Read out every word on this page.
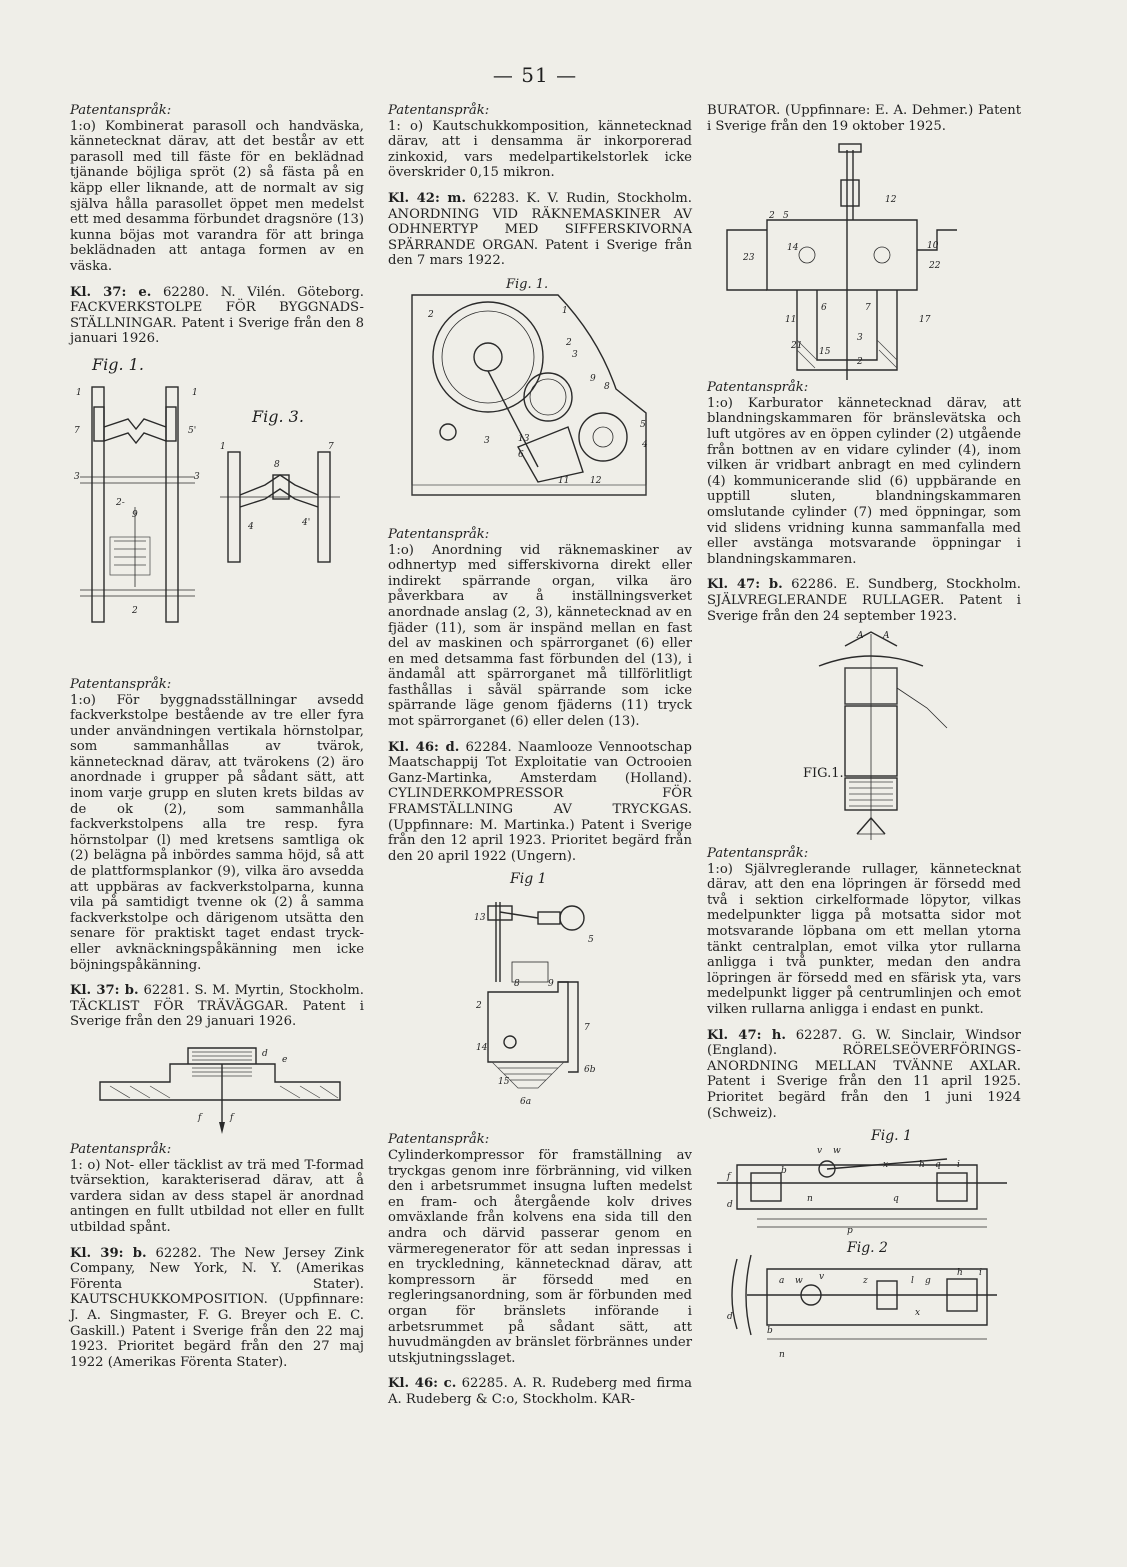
— 51 —

Patentanspråk:

1:o) Kombinerat parasoll och handväska, kännetecknat därav, att det består av ett parasoll med till fäste för en beklädnad tjänande böjliga spröt (2) så fästa på en käpp eller liknande, att de normalt av sig själva hålla parasollet öppet men medelst ett med desamma förbundet dragsnöre (13) kunna böjas mot varandra för att bringa beklädnaden att antaga formen av en väska.

Kl. 37: e. 62280. N. Vilén. Göteborg. FACKVERKSTOLPE FÖR BYGGNADS-STÄLLNINGAR. Patent i Sverige från den 8 januari 1926.

Fig. 1.
Fig. 3.
2-
9
1	1
7	5'
3	3
2
1	7
8
4'
4

Patentanspråk:

1:o) För byggnadsställningar avsedd fackverkstolpe bestående av tre eller fyra under användningen vertikala hörnstolpar, som sammanhållas av tvärok, kännetecknad därav, att tvärokens (2) äro anordnade i grupper på sådant sätt, att inom varje grupp en sluten krets bildas av de ok (2), som sammanhålla fackverkstolpens alla tre resp. fyra hörnstolpar (l) med kretsens samtliga ok (2) belägna på inbördes samma höjd, så att de plattformsplankor (9), vilka äro avsedda att uppbäras av fackverkstolparna, kunna vila på samtidigt tvenne ok (2) å samma fackverkstolpe och därigenom utsätta den senare för praktiskt taget endast tryck- eller avknäckningspåkänning men icke böjningspåkänning.

Kl. 37: b. 62281. S. M. Myrtin, Stockholm. TÄCKLIST FÖR TRÄVÄGGAR. Patent i Sverige från den 29 januari 1926.

d
e
f	f

Patentanspråk:

1: o) Not- eller täcklist av trä med T-formad tvärsektion, karakteriserad därav, att å vardera sidan av dess stapel är anordnad antingen en fullt utbildad not eller en fullt utbildad spånt.

Kl. 39: b. 62282. The New Jersey Zink Company, New York, N. Y. (Amerikas Förenta Stater). KAUTSCHUKKOMPOSITION. (Uppfinnare: J. A. Singmaster, F. G. Breyer och E. C. Gaskill.) Patent i Sverige från den 22 maj 1923. Prioritet begärd från den 27 maj 1922 (Amerikas Förenta Stater).

Patentanspråk:

1: o) Kautschukkomposition, kännetecknad därav, att i densamma är inkorporerad zinkoxid, vars medelpartikelstorlek icke överskrider 0,15 mikron.

Kl. 42: m. 62283. K. V. Rudin, Stockholm. ANORDNING VID RÄKNEMASKINER AV ODHNERTYP MED SIFFERSKIVORNA SPÄRRANDE ORGAN. Patent i Sverige från den 7 mars 1922.

Fig. 1.
2	1
2
3
9
8
5
4
13
6
3
11 12

Patentanspråk:

1:o) Anordning vid räknemaskiner av odhnertyp med sifferskivorna direkt eller indirekt spärrande organ, vilka äro påverkbara av å inställningsverket anordnade anslag (2, 3), kännetecknad av en fjäder (11), som är inspänd mellan en fast del av maskinen och spärrorganet (6) eller en med detsamma fast förbunden del (13), i ändamål att spärrorganet må tillförlitligt fasthållas i såväl spärrande som icke spärrande läge genom fjäderns (11) tryck mot spärrorganet (6) eller delen (13).

Kl. 46: d. 62284. Naamlooze Vennootschap Maatschappij Tot Exploitatie van Octrooien Ganz-Martinka, Amsterdam (Holland). CYLINDERKOMPRESSOR FÖR FRAMSTÄLLNING AV TRYCKGAS. (Uppfinnare: M. Martinka.) Patent i Sverige från den 12 april 1923. Prioritet begärd från den 20 april 1922 (Ungern).

Fig 1
13
5
8	9
2
14
7
6b
6a
15

Patentanspråk:

Cylinderkompressor för framställning av tryckgas genom inre förbränning, vid vilken den i arbetsrummet insugna luften medelst en fram- och återgående kolv drives omväxlande från kolvens ena sida till den andra och därvid passerar genom en värmeregenerator för att sedan inpressas i en tryckledning, kännetecknad därav, att kompressorn är försedd med en regleringsanordning, som är förbunden med organ för bränslets införande i arbetsrummet på sådant sätt, att huvudmängden av bränslet förbrännes under utskjutningsslaget.

Kl. 46: c. 62285. A. R. Rudeberg med firma A. Rudeberg & C:o, Stockholm. KAR-

BURATOR. (Uppfinnare: E. A. Dehmer.) Patent i Sverige från den 19 oktober 1925.

2 5
12
14
23
10
22
11	17
21
6	7
3
15
2

Patentanspråk:

1:o) Karburator kännetecknad därav, att blandningskammaren för bränslevätska och luft utgöres av en öppen cylinder (2) utgående från bottnen av en vidare cylinder (4), inom vilken är vridbart anbragt en med cylindern (4) kommunicerande slid (6) uppbärande en upptill sluten, blandningskammaren omslutande cylinder (7) med öppningar, som vid slidens vridning kunna sammanfalla med eller avstänga motsvarande öppningar i blandningskammaren.

Kl. 47: b. 62286. E. Sundberg, Stockholm. SJÄLVREGLERANDE RULLAGER. Patent i Sverige från den 24 september 1923.

FIG.1.
A A

Patentanspråk:

1:o) Självreglerande rullager, kännetecknat därav, att den ena löpringen är försedd med två i sektion cirkelformade löpytor, vilkas medelpunkter ligga på motsatta sidor mot motsvarande löpbana om ett mellan ytorna tänkt centralplan, emot vilka ytor rullarna anligga i två punkter, medan den andra löpringen är försedd med en sfärisk yta, vars medelpunkt ligger på centrumlinjen och emot vilken rullarna anligga i endast en punkt.

Kl. 47: h. 62287. G. W. Sinclair, Windsor (England). RÖRELSEÖVERFÖRINGS-ANORDNING MELLAN TVÄNNE AXLAR. Patent i Sverige från den 11 april 1925. Prioritet begärd från den 1 juni 1924 (Schweiz).

Fig. 1
Fig. 2
f
b
v w
x	h q i
d
p
q
n
a w v	z	l g
h i
d
b
n
x
